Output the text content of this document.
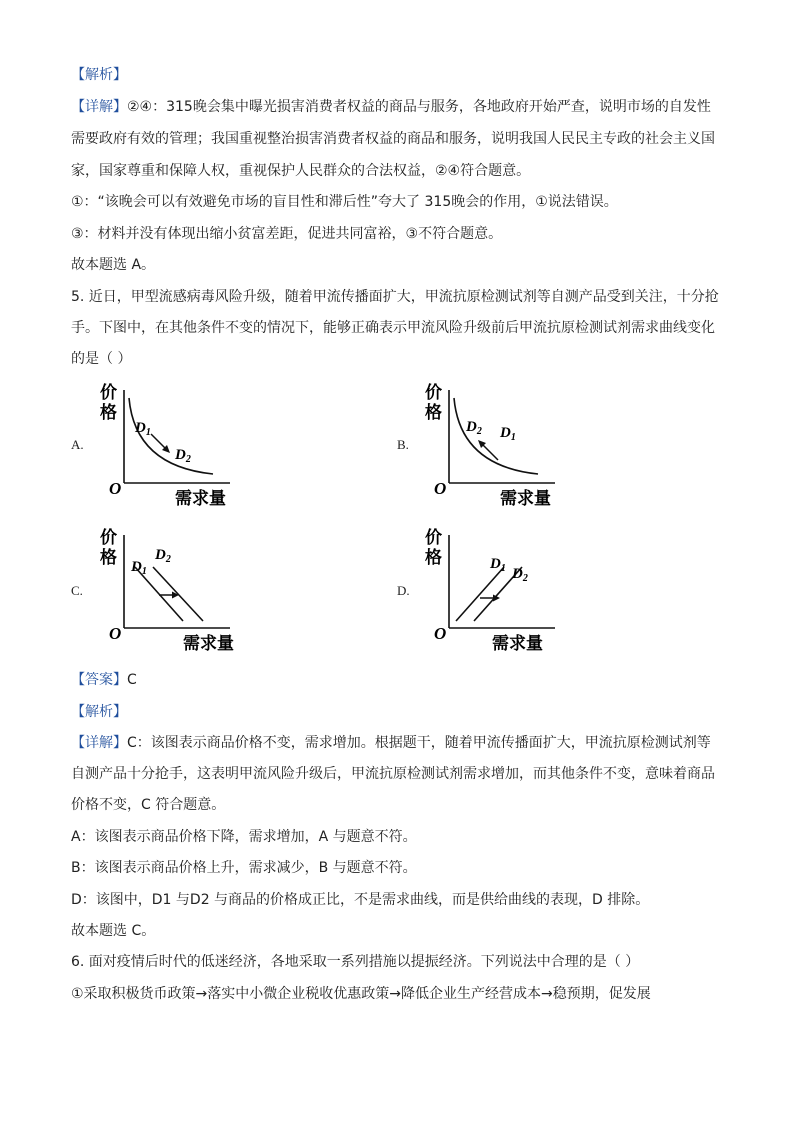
【解析】
【详解】②④：315晚会集中曝光损害消费者权益的商品与服务，各地政府开始严查，说明市场的自发性
需要政府有效的管理；我国重视整治损害消费者权益的商品和服务，说明我国人民民主专政的社会主义国
家，国家尊重和保障人权，重视保护人民群众的合法权益，②④符合题意。
①：“该晚会可以有效避免市场的盲目性和滞后性”夸大了 315晚会的作用，①说法错误。
③：材料并没有体现出缩小贫富差距，促进共同富裕，③不符合题意。
故本题选 A。
5. 近日，甲型流感病毒风险升级，随着甲流传播面扩大，甲流抗原检测试剂等自测产品受到关注，十分抢
手。下图中，在其他条件不变的情况下，能够正确表示甲流风险升级前后甲流抗原检测试剂需求曲线变化
的是（ ）
A.	B.
C.	D.
价
格
$D_1$
$D_2$
O
需求量
价
格
$D_2$ $D_1$
O
需求量
价
格 $D_1$
$D_2$
O
需求量
价
格	$D_1$ $D_2$
O
需求量
【答案】C
【解析】
【详解】C：该图表示商品价格不变，需求增加。根据题干，随着甲流传播面扩大，甲流抗原检测试剂等
自测产品十分抢手，这表明甲流风险升级后，甲流抗原检测试剂需求增加，而其他条件不变，意味着商品
价格不变，C 符合题意。
A：该图表示商品价格下降，需求增加，A 与题意不符。
B：该图表示商品价格上升，需求减少，B 与题意不符。
D：该图中，D1 与D2 与商品的价格成正比，不是需求曲线，而是供给曲线的表现，D 排除。
故本题选 C。
6. 面对疫情后时代的低迷经济，各地采取一系列措施以提振经济。下列说法中合理的是（ ）
①采取积极货币政策→落实中小微企业税收优惠政策→降低企业生产经营成本→稳预期，促发展
